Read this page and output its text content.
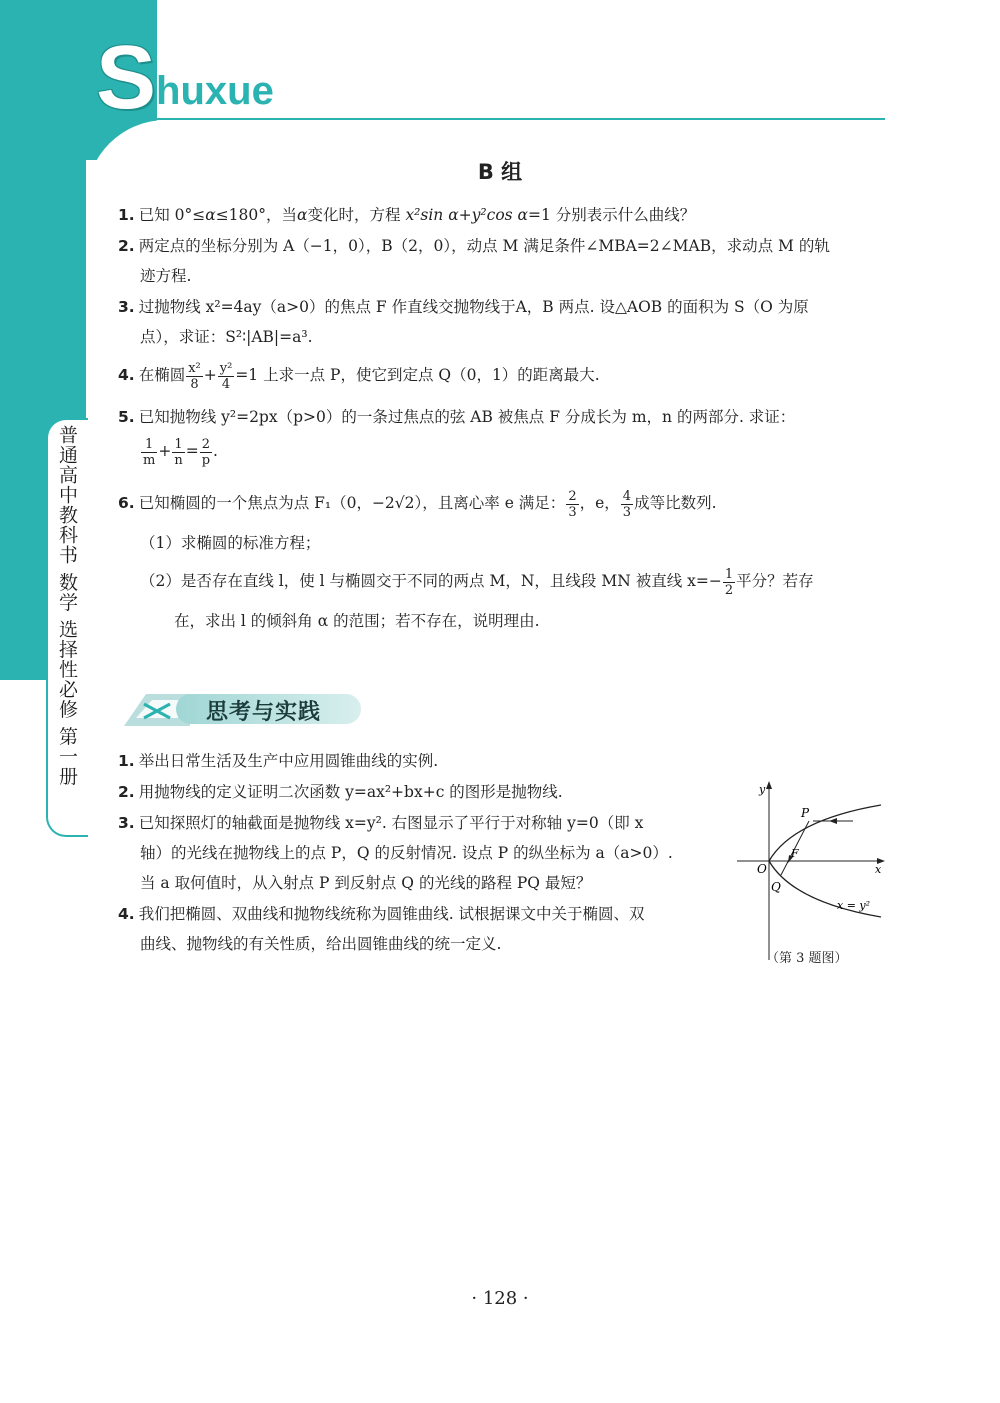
Shuxue
普通高中教科书 数学 选择性必修 第一册
B 组
1. 已知 0°≤α≤180°，当α变化时，方程 x²sin α+y²cos α=1 分别表示什么曲线？
2. 两定点的坐标分别为 A（−1，0），B（2，0），动点 M 满足条件∠MBA=2∠MAB，求动点 M 的轨
迹方程.
3. 过抛物线 x²=4ay（a>0）的焦点 F 作直线交抛物线于A，B 两点. 设△AOB 的面积为 S（O 为原
点），求证：S²∶|AB|=a³.
4. 在椭圆 $\frac{\text{x²}}{8} + \frac{\text{y²}}{4} =1$ 上求一点 P，使它到定点 Q（0，1）的距离最大.
5. 已知抛物线 y²=2px（p>0）的一条过焦点的弦 AB 被焦点 F 分成长为 m，n 的两部分. 求证：
$\frac{1}{m} + \frac{1}{n} = \frac{2}{p}$ .
6. 已知椭圆的一个焦点为点 F₁（0，−2√2），且离心率 e 满足： $\frac{2}{3}$ ，e， $\frac{4}{3}$ 成等比数列.
（1）求椭圆的标准方程；
（2）是否存在直线 l，使 l 与椭圆交于不同的两点 M，N，且线段 MN 被直线 $x=- \frac{1}{2}$ 平分？若存
在，求出 l 的倾斜角 α 的范围；若不存在，说明理由.
思考与实践
1. 举出日常生活及生产中应用圆锥曲线的实例.
2. 用抛物线的定义证明二次函数 y=ax²+bx+c 的图形是抛物线.
3. 已知探照灯的轴截面是抛物线 x=y². 右图显示了平行于对称轴 y=0（即 x
轴）的光线在抛物线上的点 P，Q 的反射情况. 设点 P 的纵坐标为 a（a>0）.
当 a 取何值时，从入射点 P 到反射点 Q 的光线的路程 PQ 最短？
4. 我们把椭圆、双曲线和抛物线统称为圆锥曲线. 试根据课文中关于椭圆、双
曲线、抛物线的有关性质，给出圆锥曲线的统一定义.
y
x
O
P
Q
F
x = y²
（第 3 题图）
· 128 ·
